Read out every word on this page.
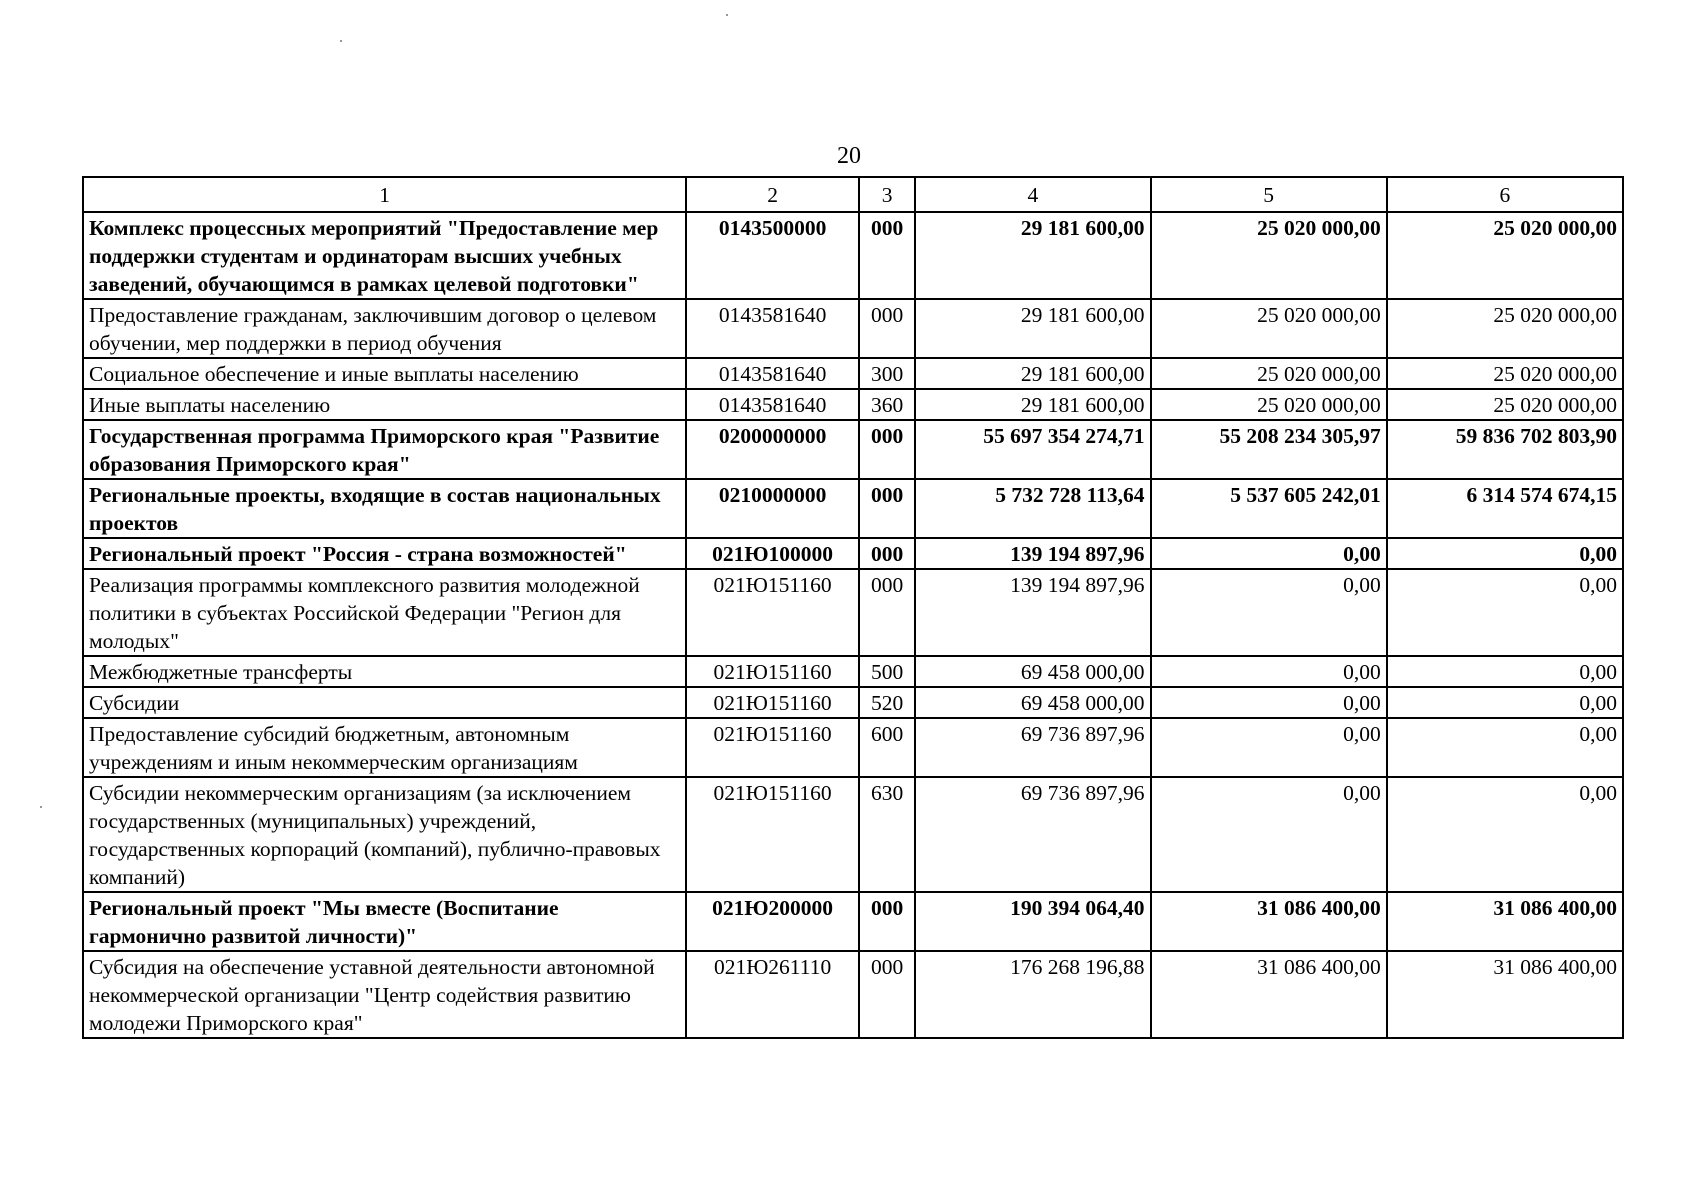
20
1	2	3	4	5	6
Комплекс процессных мероприятий "Предоставление мер поддержки студентам и ординаторам высших учебных заведений, обучающимся в рамках целевой подготовки"	0143500000	000	29 181 600,00	25 020 000,00	25 020 000,00
Предоставление гражданам, заключившим договор о целевом обучении, мер поддержки в период обучения	0143581640	000	29 181 600,00	25 020 000,00	25 020 000,00
Социальное обеспечение и иные выплаты населению	0143581640	300	29 181 600,00	25 020 000,00	25 020 000,00
Иные выплаты населению	0143581640	360	29 181 600,00	25 020 000,00	25 020 000,00
Государственная программа Приморского края "Развитие образования Приморского края"	0200000000	000	55 697 354 274,71	55 208 234 305,97	59 836 702 803,90
Региональные проекты, входящие в состав национальных проектов	0210000000	000	5 732 728 113,64	5 537 605 242,01	6 314 574 674,15
Региональный проект "Россия - страна возможностей"	021Ю100000	000	139 194 897,96	0,00	0,00
Реализация программы комплексного развития молодежной политики в субъектах Российской Федерации "Регион для молодых"	021Ю151160	000	139 194 897,96	0,00	0,00
Межбюджетные трансферты	021Ю151160	500	69 458 000,00	0,00	0,00
Субсидии	021Ю151160	520	69 458 000,00	0,00	0,00
Предоставление субсидий бюджетным, автономным учреждениям и иным некоммерческим организациям	021Ю151160	600	69 736 897,96	0,00	0,00
Субсидии некоммерческим организациям (за исключением государственных (муниципальных) учреждений, государственных корпораций (компаний), публично-правовых компаний)	021Ю151160	630	69 736 897,96	0,00	0,00
Региональный проект "Мы вместе (Воспитание гармонично развитой личности)"	021Ю200000	000	190 394 064,40	31 086 400,00	31 086 400,00
Субсидия на обеспечение уставной деятельности автономной некоммерческой организации "Центр содействия развитию молодежи Приморского края"	021Ю261110	000	176 268 196,88	31 086 400,00	31 086 400,00
